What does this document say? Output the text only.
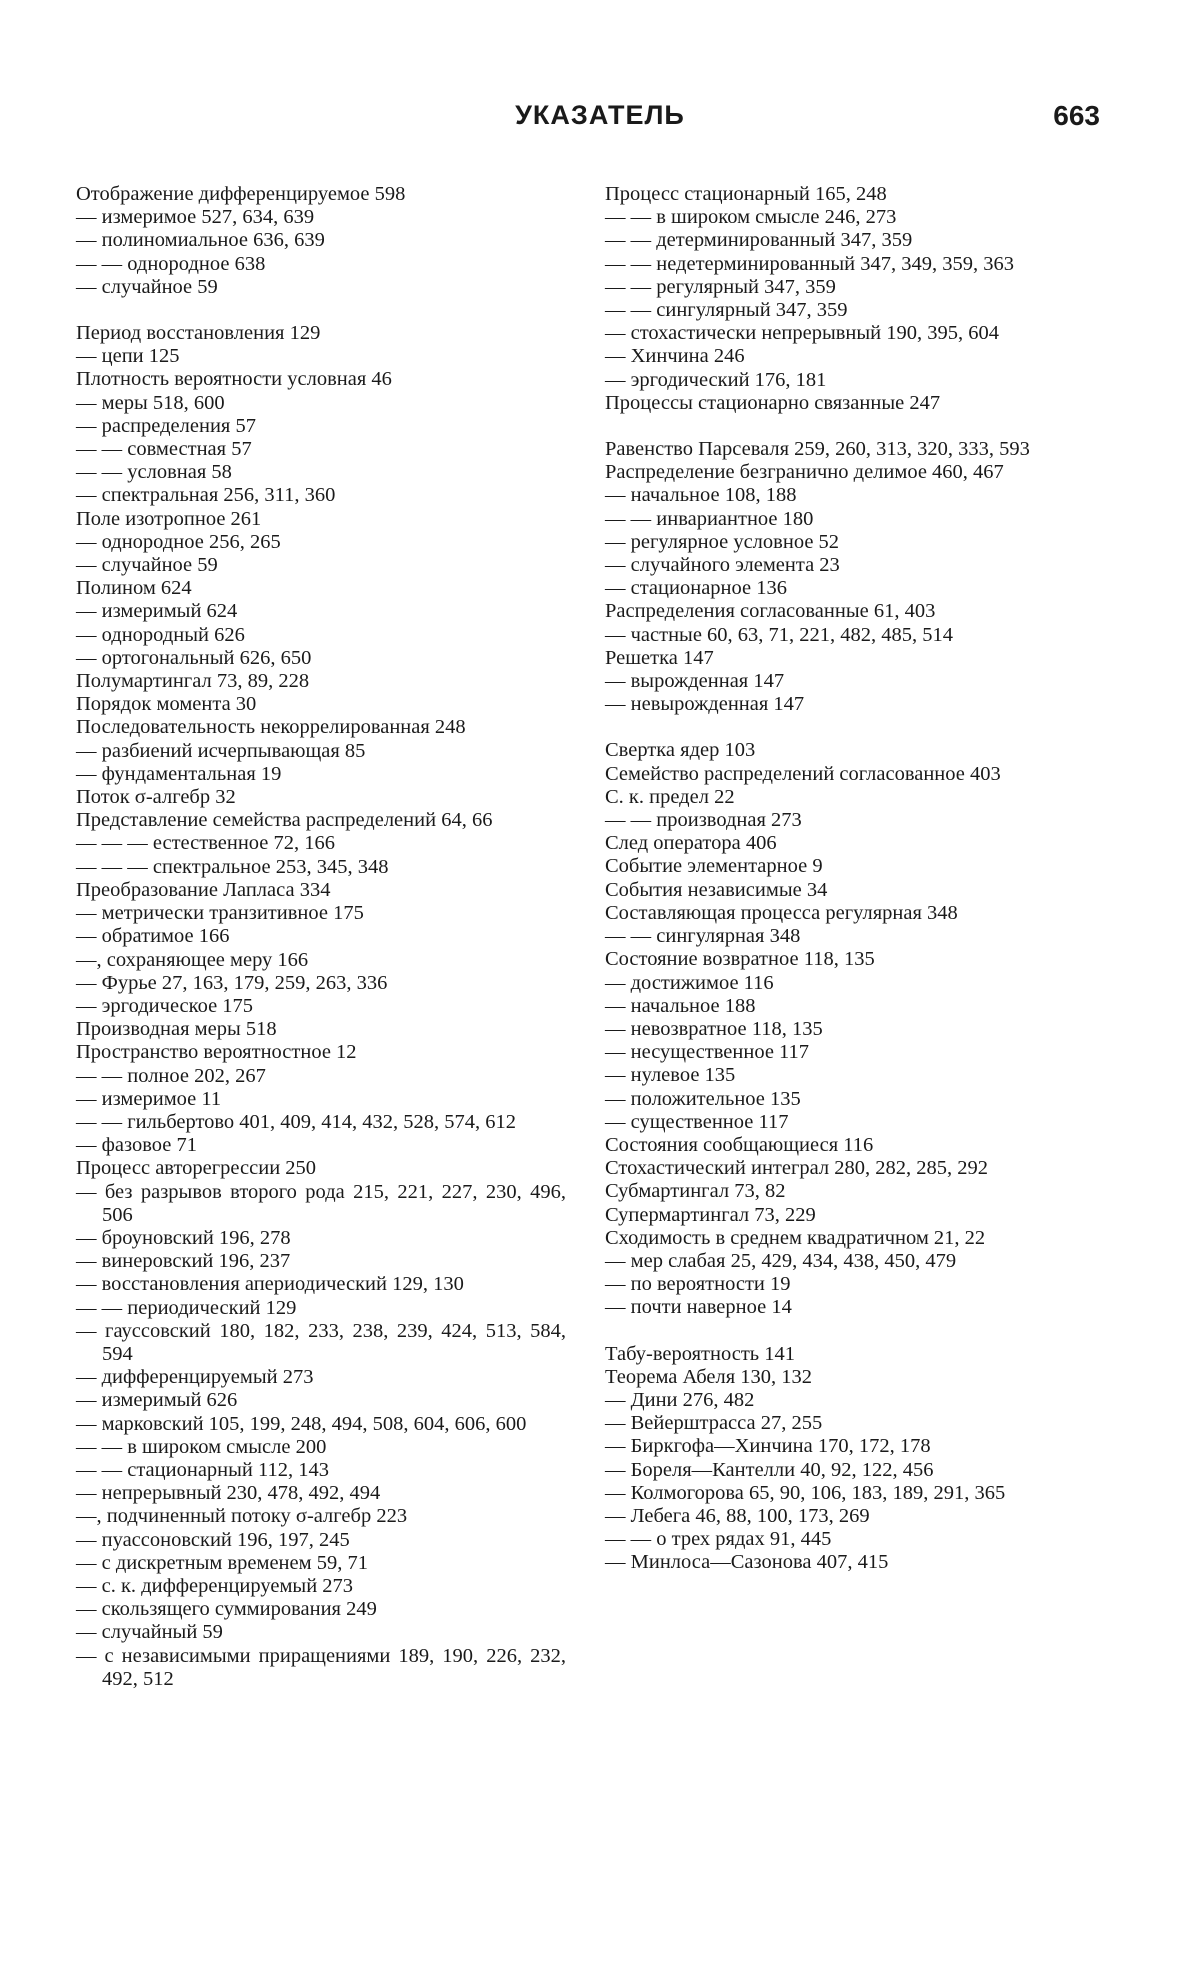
УКАЗАТЕЛЬ	663

Отображение дифференцируемое 598

— измеримое 527, 634, 639

— полиномиальное 636, 639

— — однородное 638

— случайное 59

Период восстановления 129

— цепи 125

Плотность вероятности условная 46

— меры 518, 600

— распределения 57

— — совместная 57

— — условная 58

— спектральная 256, 311, 360

Поле изотропное 261

— однородное 256, 265

— случайное 59

Полином 624

— измеримый 624

— однородный 626

— ортогональный 626, 650

Полумартингал 73, 89, 228

Порядок момента 30

Последовательность некоррелированная 248

— разбиений исчерпывающая 85

— фундаментальная 19

Поток σ-алгебр 32

Представление семейства распределений 64, 66

— — — естественное 72, 166

— — — спектральное 253, 345, 348

Преобразование Лапласа 334

— метрически транзитивное 175

— обратимое 166

—, сохраняющее меру 166

— Фурье 27, 163, 179, 259, 263, 336

— эргодическое 175

Производная меры 518

Пространство вероятностное 12

— — полное 202, 267

— измеримое 11

— — гильбертово 401, 409, 414, 432, 528, 574, 612

— фазовое 71

Процесс авторегрессии 250

— без разрывов второго рода 215, 221, 227, 230, 496, 506

— броуновский 196, 278

— винеровский 196, 237

— восстановления апериодический 129, 130

— — периодический 129

— гауссовский 180, 182, 233, 238, 239, 424, 513, 584, 594

— дифференцируемый 273

— измеримый 626

— марковский 105, 199, 248, 494, 508, 604, 606, 600

— — в широком смысле 200

— — стационарный 112, 143

— непрерывный 230, 478, 492, 494

—, подчиненный потоку σ-алгебр 223

— пуассоновский 196, 197, 245

— с дискретным временем 59, 71

— с. к. дифференцируемый 273

— скользящего суммирования 249

— случайный 59

— с независимыми приращениями 189, 190, 226, 232, 492, 512

Процесс стационарный 165, 248

— — в широком смысле 246, 273

— — детерминированный 347, 359

— — недетерминированный 347, 349, 359, 363

— — регулярный 347, 359

— — сингулярный 347, 359

— стохастически непрерывный 190, 395, 604

— Хинчина 246

— эргодический 176, 181

Процессы стационарно связанные 247

Равенство Парсеваля 259, 260, 313, 320, 333, 593

Распределение безгранично делимое 460, 467

— начальное 108, 188

— — инвариантное 180

— регулярное условное 52

— случайного элемента 23

— стационарное 136

Распределения согласованные 61, 403

— частные 60, 63, 71, 221, 482, 485, 514

Решетка 147

— вырожденная 147

— невырожденная 147

Свертка ядер 103

Семейство распределений согласованное 403

С. к. предел 22

— — производная 273

След оператора 406

Событие элементарное 9

События независимые 34

Составляющая процесса регулярная 348

— — сингулярная 348

Состояние возвратное 118, 135

— достижимое 116

— начальное 188

— невозвратное 118, 135

— несущественное 117

— нулевое 135

— положительное 135

— существенное 117

Состояния сообщающиеся 116

Стохастический интеграл 280, 282, 285, 292

Субмартингал 73, 82

Супермартингал 73, 229

Сходимость в среднем квадратичном 21, 22

— мер слабая 25, 429, 434, 438, 450, 479

— по вероятности 19

— почти наверное 14

Табу-вероятность 141

Теорема Абеля 130, 132

— Дини 276, 482

— Вейерштрасса 27, 255

— Биркгофа—Хинчина 170, 172, 178

— Бореля—Кантелли 40, 92, 122, 456

— Колмогорова 65, 90, 106, 183, 189, 291, 365

— Лебега 46, 88, 100, 173, 269

— — о трех рядах 91, 445

— Минлоса—Сазонова 407, 415
